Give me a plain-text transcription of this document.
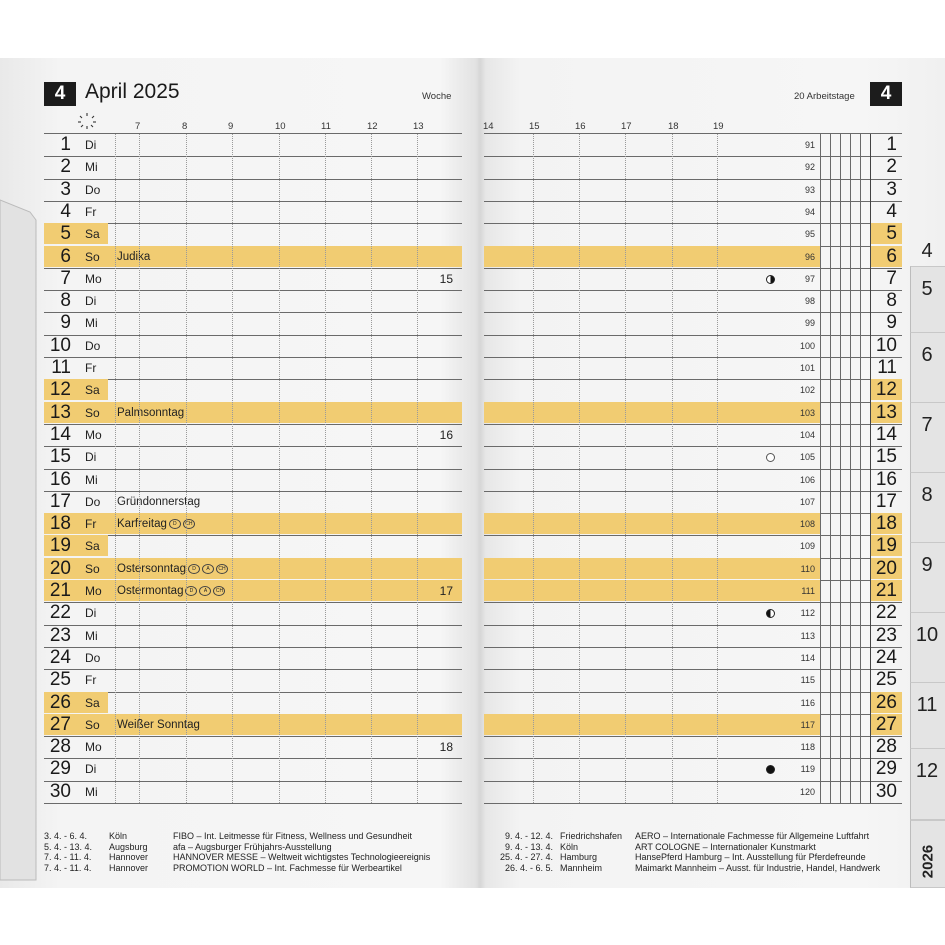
4 April 2025	Woche	20 Arbeitstage	4
7	8	9	10	11	12	13	14	15	16	17	18	19
1 Di	91	1
2 Mi	92	2
3 Do	93	3
4 Fr	94	4
5 Sa	95	5
6 So Judika	96	6
7 Mo	15	97	7
8 Di	98	8
9 Mi	99	9
10 Do	100	10
11 Fr	101	11
12 Sa	102	12
13 So Palmsonntag	103	13
14 Mo	16	104	14
15 Di	105	15
16 Mi	106	16
17 Do Gründonnerstag	107	17
18 Fr Karfreitag D CH	108	18
19 Sa	109	19
20 So Ostersonntag D A CH	110	20
21 Mo Ostermontag D A CH	17	111	21
22 Di	112	22
23 Mi	113	23
24 Do	114	24
25 Fr	115	25
26 Sa	116	26
27 So Weißer Sonntag	117	27
28 Mo	18	118	28
29 Di	119	29
30 Mi	120	30
4
5
6
7
8
9
10
11
12
2026
3. 4. - 6. 4. Köln	FIBO – Int. Leitmesse für Fitness, Wellness und Gesundheit
5. 4. - 13. 4. Augsburg	afa – Augsburger Frühjahrs-Ausstellung
7. 4. - 11. 4. Hannover	HANNOVER MESSE – Weltweit wichtigstes Technologieereignis
7. 4. - 11. 4. Hannover	PROMOTION WORLD – Int. Fachmesse für Werbeartikel
9. 4. - 12. 4. Friedrichshafen AERO – Internationale Fachmesse für Allgemeine Luftfahrt
9. 4. - 13. 4. Köln	ART COLOGNE – Internationaler Kunstmarkt
25. 4. - 27. 4. Hamburg	HansePferd Hamburg – Int. Ausstellung für Pferdefreunde
26. 4. - 6. 5. Mannheim	Maimarkt Mannheim – Ausst. für Industrie, Handel, Handwerk
